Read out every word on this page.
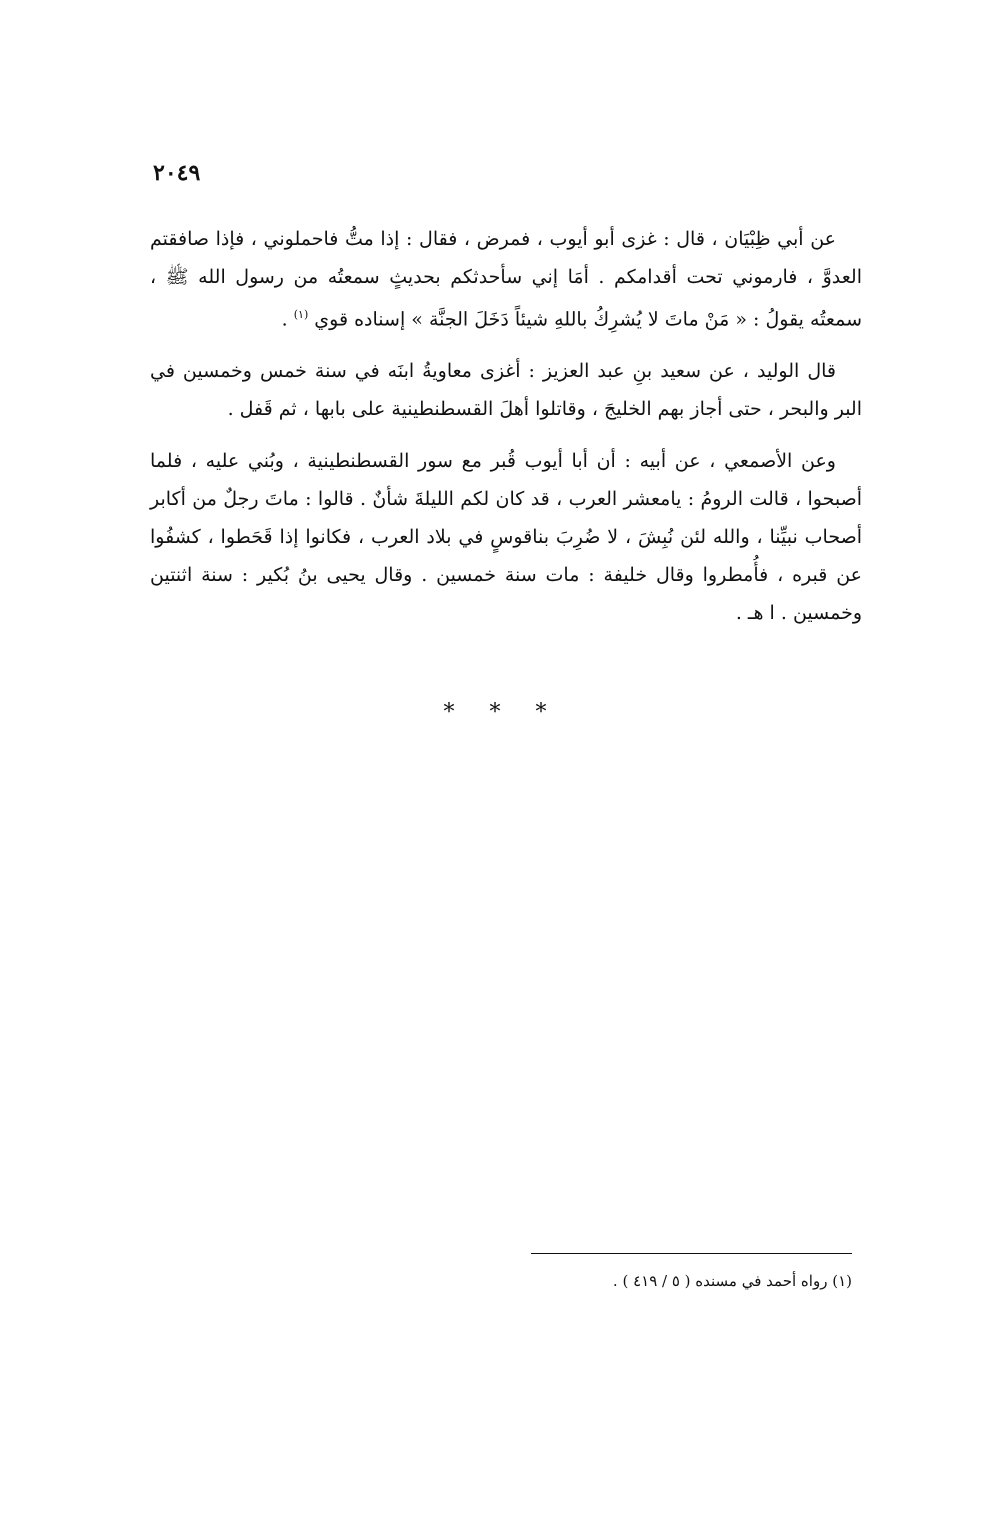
٢٠٤٩

عن أبي ظِبْيَان ، قال : غزى أبو أيوب ، فمرض ، فقال : إذا متُّ فاحملوني ، فإذا صافقتم العدوَّ ، فارموني تحت أقدامكم . أمَا إني سأحدثكم بحديثٍ سمعتُه من رسول الله ﷺ ، سمعتُه يقولُ : « مَنْ ماتَ لا يُشرِكُ باللهِ شيئاً دَخَلَ الجنَّة » إسناده قوي $^{(١)}$ .

قال الوليد ، عن سعيد بنِ عبد العزيز : أغزى معاويةُ ابنَه في سنة خمس وخمسين في البر والبحر ، حتى أجاز بهم الخليجَ ، وقاتلوا أهلَ القسطنطينية على بابها ، ثم قَفل .

وعن الأصمعي ، عن أبيه : أن أبا أيوب قُبر مع سور القسطنطينية ، وبُني عليه ، فلما أصبحوا ، قالت الرومُ : يامعشر العرب ، قد كان لكم الليلةَ شأنٌ . قالوا : ماتَ رجلٌ من أكابر أصحاب نبيِّنا ، والله لئن نُبِشَ ، لا ضُرِبَ بناقوسٍ في بلاد العرب ، فكانوا إذا قَحَطوا ، كشفُوا عن قبره ، فأُمطروا وقال خليفة : مات سنة خمسين . وقال يحيى بنُ بُكير : سنة اثنتين وخمسين . ا هـ .

* * *
(١) رواه أحمد في مسنده ( ٥ / ٤١٩ ) .
